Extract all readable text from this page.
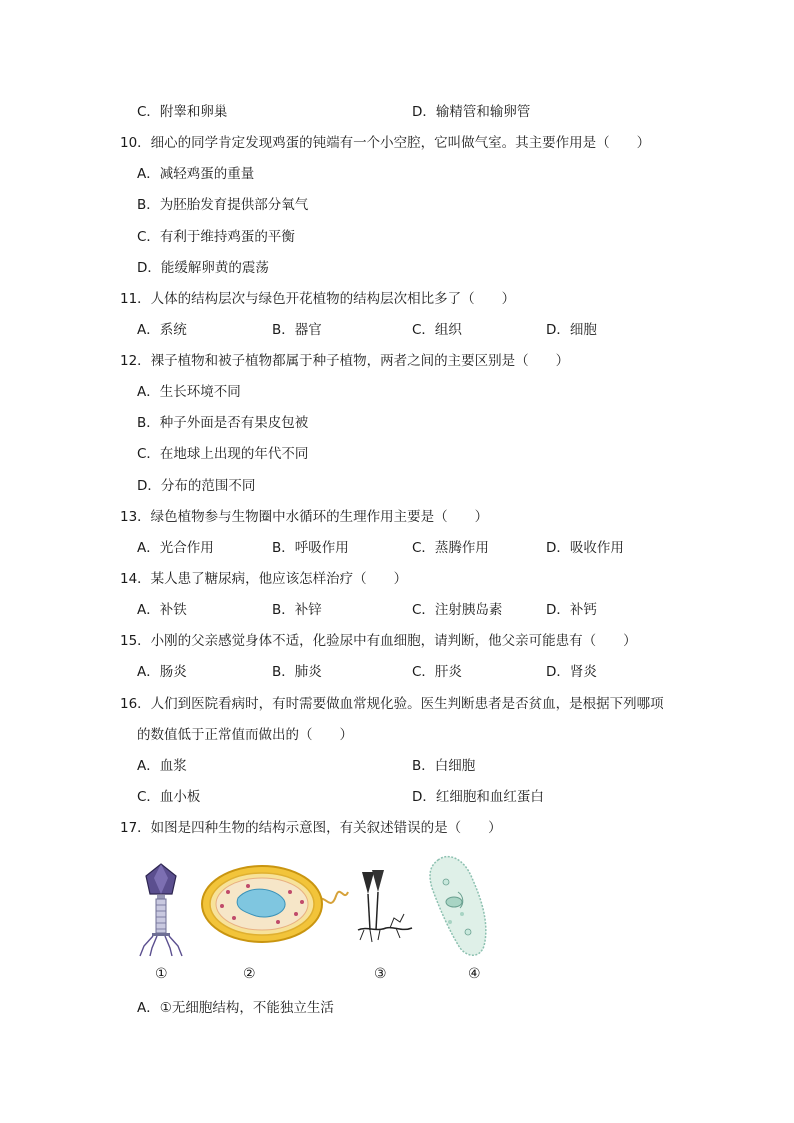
C．附睾和卵巢	D．输精管和输卵管
10．细心的同学肯定发现鸡蛋的钝端有一个小空腔，它叫做气室。其主要作用是（　　）
A．减轻鸡蛋的重量
B．为胚胎发育提供部分氧气
C．有利于维持鸡蛋的平衡
D．能缓解卵黄的震荡
11．人体的结构层次与绿色开花植物的结构层次相比多了（　　）
A．系统	B．器官	C．组织	D．细胞
12．裸子植物和被子植物都属于种子植物，两者之间的主要区别是（　　）
A．生长环境不同
B．种子外面是否有果皮包被
C．在地球上出现的年代不同
D．分布的范围不同
13．绿色植物参与生物圈中水循环的生理作用主要是（　　）
A．光合作用	B．呼吸作用	C．蒸腾作用	D．吸收作用
14．某人患了糖尿病，他应该怎样治疗（　　）
A．补铁	B．补锌	C．注射胰岛素	D．补钙
15．小刚的父亲感觉身体不适，化验尿中有血细胞，请判断，他父亲可能患有（　　）
A．肠炎	B．肺炎	C．肝炎	D．肾炎
16．人们到医院看病时，有时需要做血常规化验。医生判断患者是否贫血，是根据下列哪项
的数值低于正常值而做出的（　　）
A．血浆	B．白细胞
C．血小板	D．红细胞和血红蛋白
17．如图是四种生物的结构示意图，有关叙述错误的是（　　）
①	②	③	④
A．①无细胞结构，不能独立生活
